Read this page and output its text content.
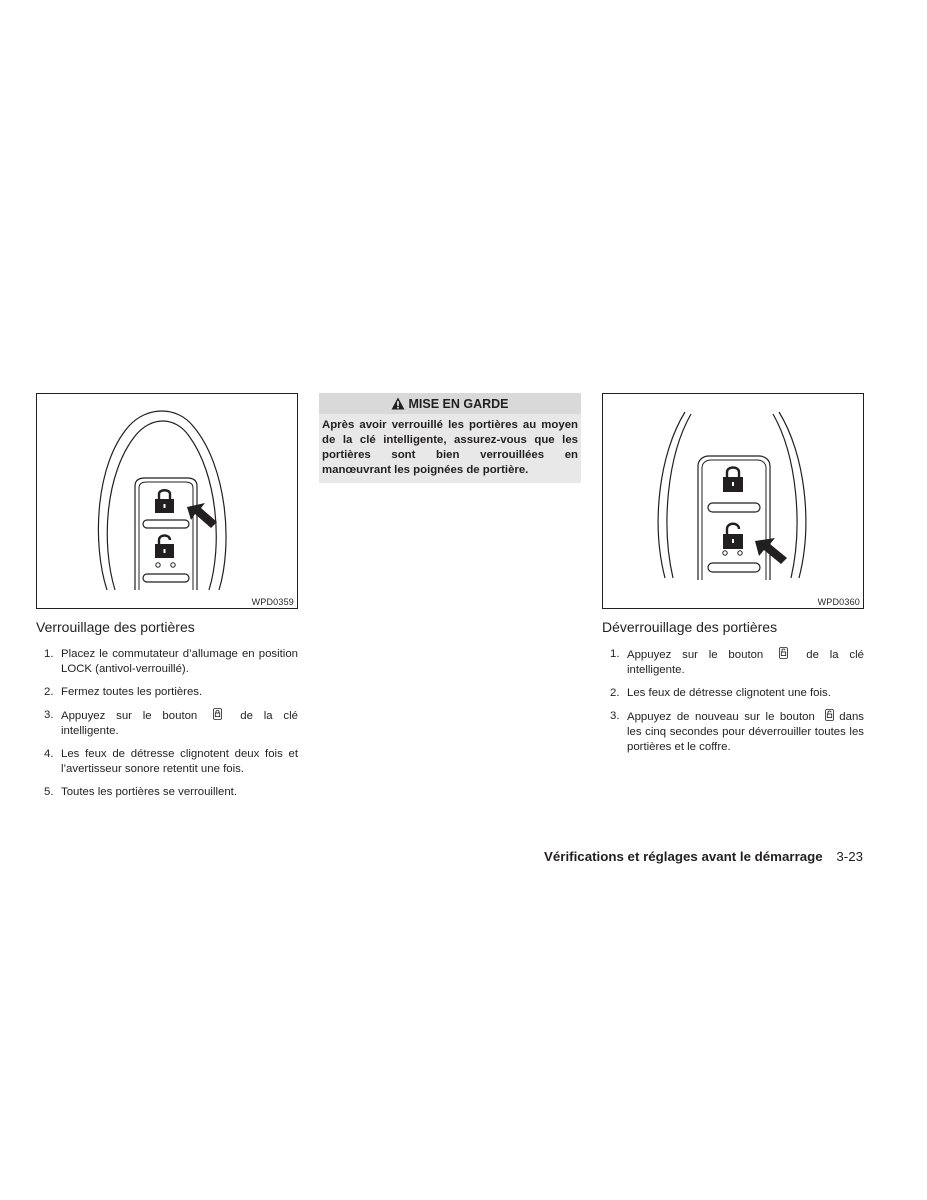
WPD0359
Verrouillage des portières
1. Placez le commutateur d’allumage en position LOCK (antivol-verrouillé).
2. Fermez toutes les portières.
3. Appuyez sur le bouton	de la clé intelligente.
4. Les feux de détresse clignotent deux fois et l’avertisseur sonore retentit une fois.
5. Toutes les portières se verrouillent.
MISE EN GARDE
Après avoir verrouillé les portières au moyen de la clé intelligente, assurez-vous que les portières sont bien verrouillées en manœuvrant les poignées de portière.
WPD0360
Déverrouillage des portières
1. Appuyez sur le bouton	de la clé intelligente.
2. Les feux de détresse clignotent une fois.
3. Appuyez de nouveau sur le bouton dans les cinq secondes pour déverrouiller toutes les portières et le coffre.
Vérifications et réglages avant le démarrage 3-23
